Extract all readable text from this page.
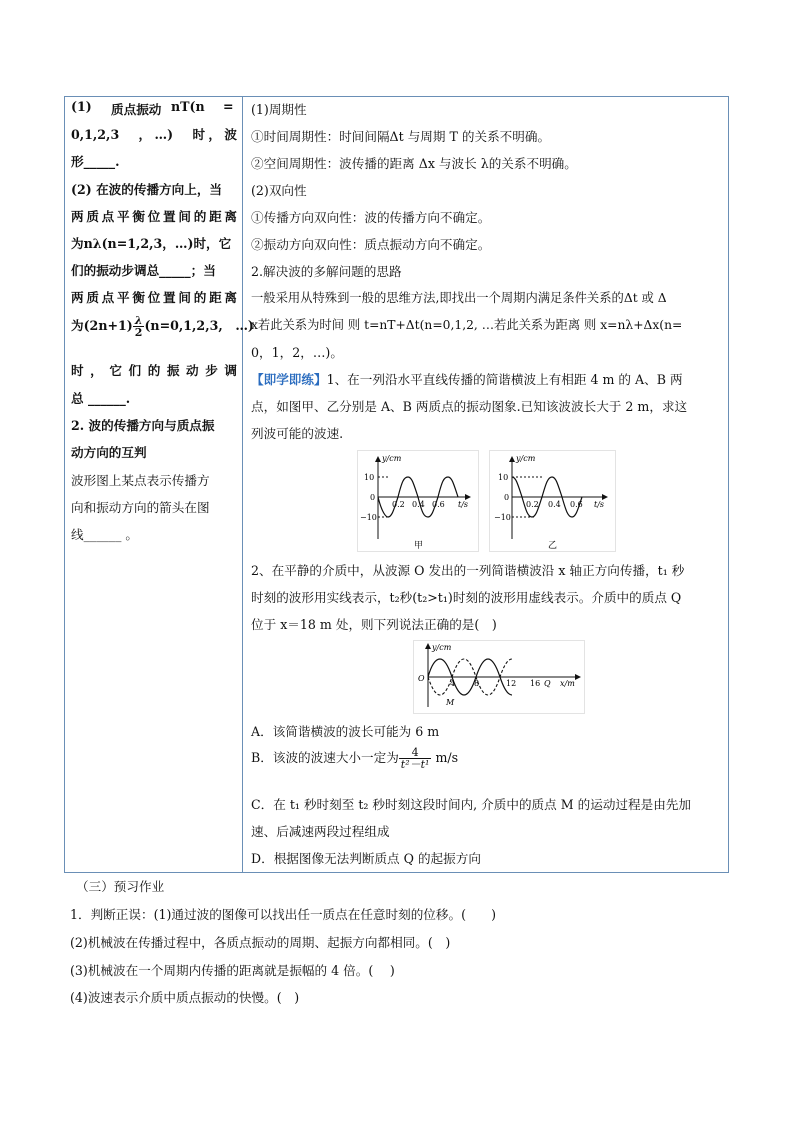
(1) 质点振动 nT(n =
0,1,2,3　，…)　时，波
形_____.
(2) 在波的传播方向上，当
两质点平衡位置间的距离
为nλ(n=1,2,3，…)时，它
们的振动步调总_____；当
两质点平衡位置间的距离
为$(2n+1) \frac{\lambda}{2} (n=0,1,2,3$,　…)
时，它们的振动步调
总 ______.
2. 波的传播方向与质点振
动方向的互判
波形图上某点表示传播方
向和振动方向的箭头在图
线______ 。
(1)周期性
①时间周期性：时间间隔Δt 与周期 T 的关系不明确。
②空间周期性：波传播的距离 Δx 与波长 λ的关系不明确。
(2)双向性
①传播方向双向性：波的传播方向不确定。
②振动方向双向性：质点振动方向不确定。
2.解决波的多解问题的思路
一般采用从特殊到一般的思维方法,即找出一个周期内满足条件关系的Δt 或 Δ
x若此关系为时间 则 t=nT+Δt(n=0,1,2, …若此关系为距离 则 x=nλ+Δx(n=
0，1，2，…)。
【即学即练】1、在一列沿水平直线传播的简谐横波上有相距 4 m 的 A、B 两
点，如图甲、乙分别是 A、B 两质点的振动图象.已知该波波长大于 2 m，求这
列波可能的波速.
y/cm
10
−10
0
0.2 0.4 0.6 t/s
甲
y/cm
10
−10
0
0.2 0.4 0.6 t/s
乙
2、在平静的介质中，从波源 O 发出的一列简谐横波沿 x 轴正方向传播，t₁ 秒
时刻的波形用实线表示，t₂秒(t₂>t₁)时刻的波形用虚线表示。介质中的质点 Q
位于 x＝18 m 处，则下列说法正确的是(　)
y/cm
O
4 8	12 16 Q x/m
M
A．该简谐横波的波长可能为 6 m
B．该波的波速大小一定为 $\frac{4}{\text{t²－t¹}} m/s$
C．在 t₁ 秒时刻至 t₂ 秒时刻这段时间内, 介质中的质点 M 的运动过程是由先加
速、后减速两段过程组成
D．根据图像无法判断质点 Q 的起振方向
（三）预习作业
1．判断正误：(1)通过波的图像可以找出任一质点在任意时刻的位移。(　　)
(2)机械波在传播过程中，各质点振动的周期、起振方向都相同。(　)
(3)机械波在一个周期内传播的距离就是振幅的 4 倍。(　 )
(4)波速表示介质中质点振动的快慢。(　)
